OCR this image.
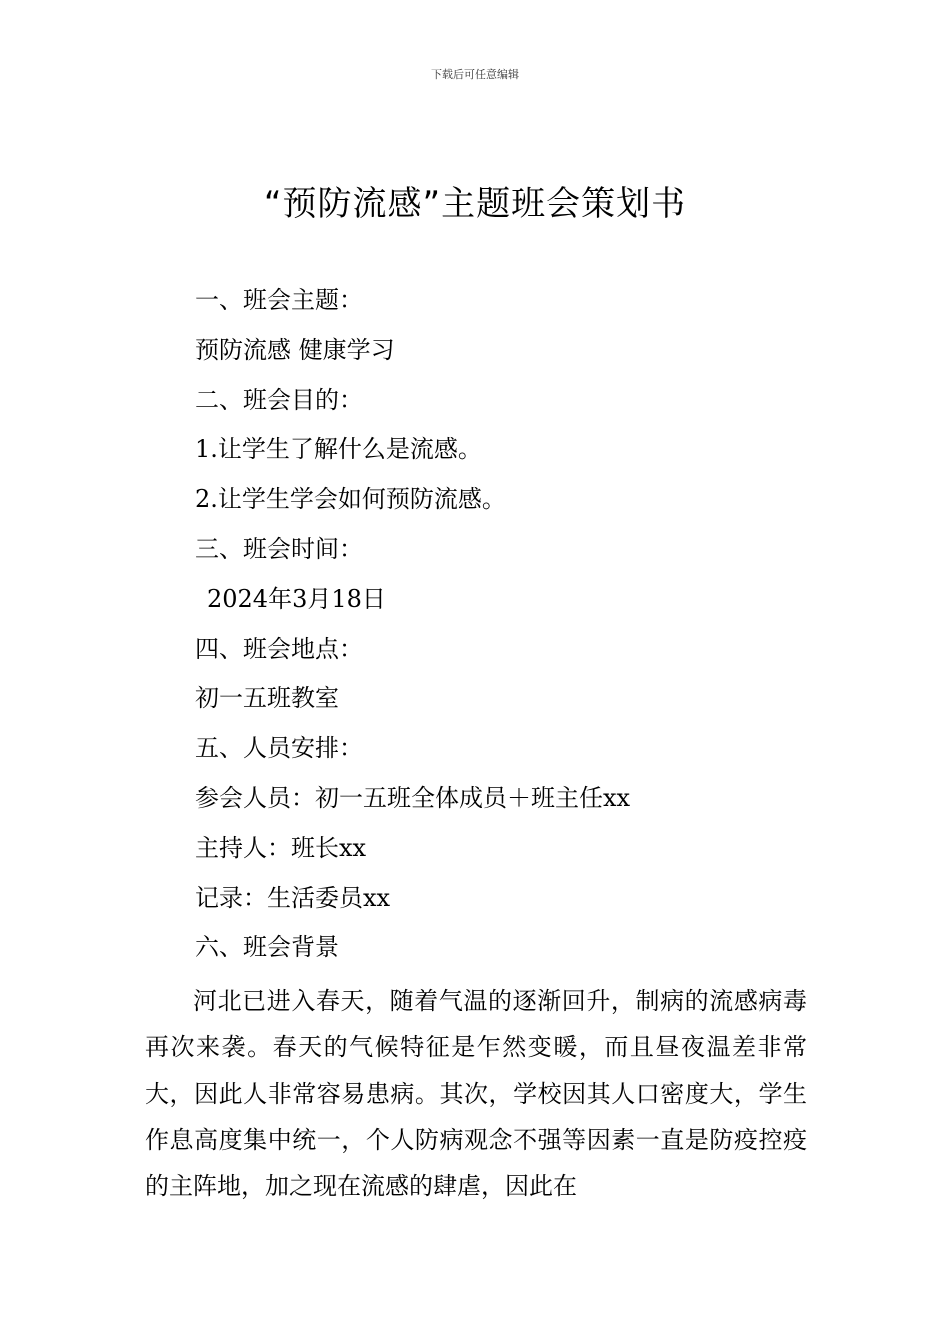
下载后可任意编辑
“预防流感”主题班会策划书
一、班会主题：
预防流感 健康学习
二、班会目的：
1.让学生了解什么是流感。
2.让学生学会如何预防流感。
三、班会时间：
2024年3月18日
四、班会地点：
初一五班教室
五、人员安排：
参会人员：初一五班全体成员＋班主任xx
主持人：班长xx
记录：生活委员xx
六、班会背景
河北已进入春天，随着气温的逐渐回升，制病的流感病毒再次来袭。春天的气候特征是乍然变暖，而且昼夜温差非常大，因此人非常容易患病。其次，学校因其人口密度大，学生作息高度集中统一，个人防病观念不强等因素一直是防疫控疫的主阵地，加之现在流感的肆虐，因此在
